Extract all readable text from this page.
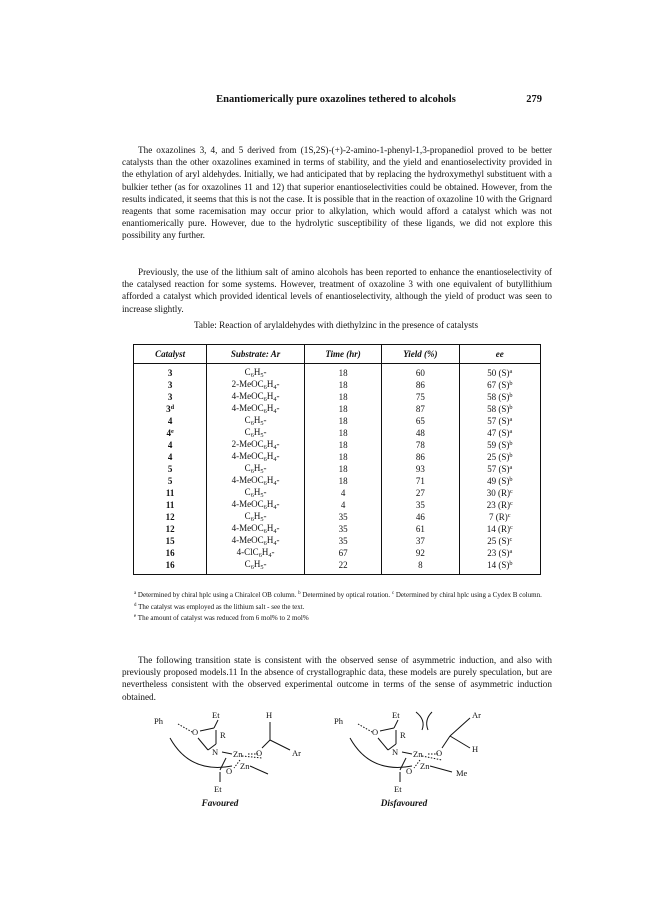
Enantiomerically pure oxazolines tethered to alcohols	279

The oxazolines 3, 4, and 5 derived from (1S,2S)-(+)-2-amino-1-phenyl-1,3-propanediol proved to be better catalysts than the other oxazolines examined in terms of stability, and the yield and enantioselectivity provided in the ethylation of aryl aldehydes. Initially, we had anticipated that by replacing the hydroxymethyl substituent with a bulkier tether (as for oxazolines 11 and 12) that superior enantioselectivities could be obtained. However, from the results indicated, it seems that this is not the case. It is possible that in the reaction of oxazoline 10 with the Grignard reagents that some racemisation may occur prior to alkylation, which would afford a catalyst which was not enantiomerically pure. However, due to the hydrolytic susceptibility of these ligands, we did not explore this possibility any further.

Previously, the use of the lithium salt of amino alcohols has been reported to enhance the enantioselectivity of the catalysed reaction for some systems. However, treatment of oxazoline 3 with one equivalent of butyllithium afforded a catalyst which provided identical levels of enantioselectivity, although the yield of product was seen to increase slightly.

Table: Reaction of arylaldehydes with diethylzinc in the presence of catalysts
Catalyst	Substrate: Ar	Time (hr)	Yield (%)	ee
3	$C_6H_5-$	18	60	50 $(S)^a$
3	$2-MeOC_6H_4-$	18	86	67 $(S)^b$
3	$4-MeOC_6H_4-$	18	75	58 $(S)^b$
3$^d$	$4-MeOC_6H_4-$	18	87	58 $(S)^b$
4	$C_6H_5-$	18	65	57 $(S)^a$
4e	$C_6H_5-$	18	48	47 $(S)^a$
4	$2-MeOC_6H_4-$	18	78	59 $(S)^b$
4	$4-MeOC_6H_4-$	18	86	25 $(S)^b$
5	$C_6H_5-$	18	93	57 $(S)^a$
5	$4-MeOC_6H_4-$	18	71	49 $(S)^b$
11	$C_6H_5-$	4	27	30 $(R)^c$
11	$4-MeOC_6H_4-$	4	35	23 $(R)^c$
12	$C_6H_5-$	35	46	7 $(R)^c$
12	$4-MeOC_6H_4-$	35	61	14 $(R)^c$
15	$4-MeOC_6H_4-$	35	37	25 $(S)^c$
16	$4-ClC_6H_4-$	67	92	23 $(S)^a$
16	$C_6H_5-$	22	8	14 $(S)^b$

$^a$ Determined by chiral hplc using a Chiralcel OB column. $^b$ Determined by optical rotation. $^c$ Determined by chiral hplc using a Cydex B column. $^d$ The catalyst was employed as the lithium salt - see the text.

$^e$ The amount of catalyst was reduced from 6 mol% to 2 mol%

The following transition state is consistent with the observed sense of asymmetric induction, and also with previously proposed models.11 In the absence of crystallographic data, these models are purely speculation, but are nevertheless consistent with the observed experimental outcome in terms of the sense of asymmetric induction obtained.

Ph
O
Et
R
H
N Zn O	Ar
Zn
O
Et
Favoured
Ph
O
Et
R
Ar
H
N Zn O
Me
Zn
O
Et
Disfavoured
